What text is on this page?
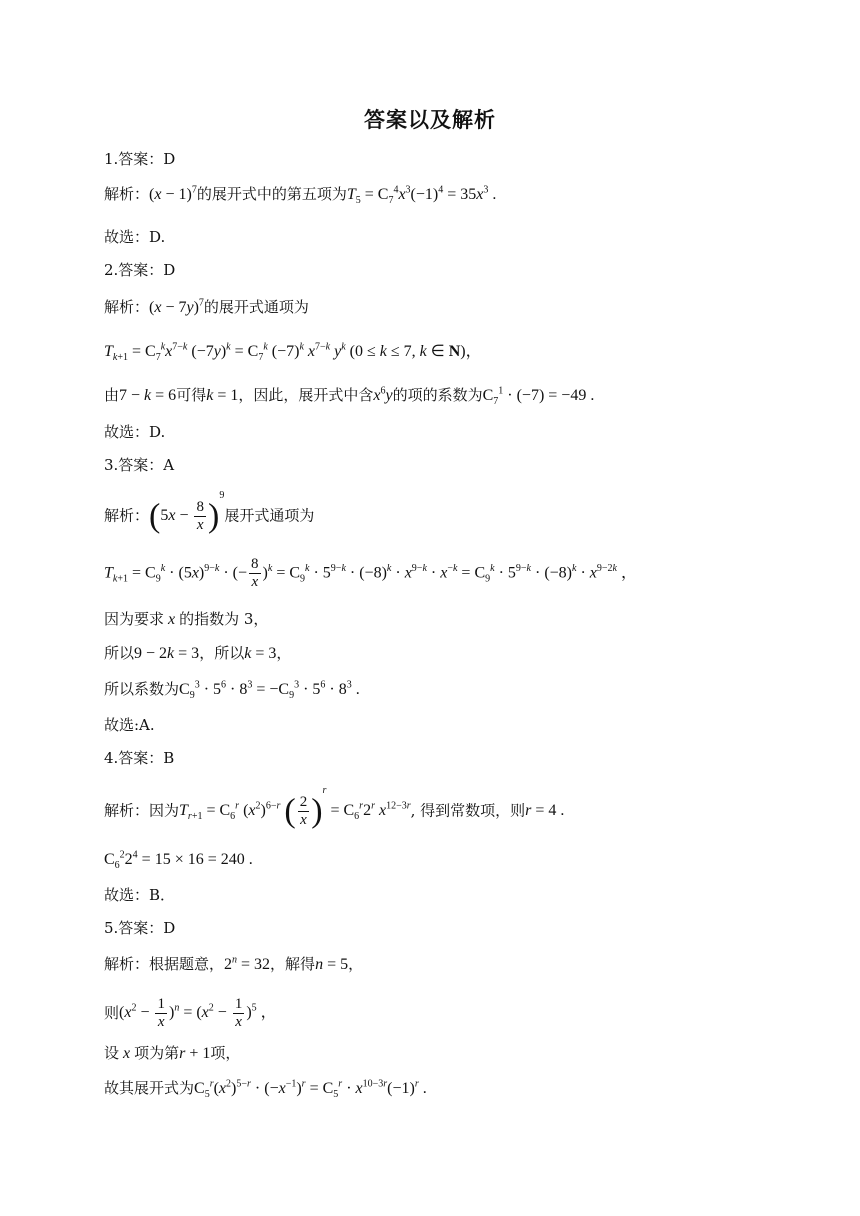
答案以及解析
1.答案：D
解析：$(x - 1)^7$的展开式中的第五项为$T_5 = C_7^4x^3(-1)^4 = 35x^3$ .
故选：D.
2.答案：D
解析：$(x - 7y)^7$的展开式通项为
$T_{k+1} = C_7^kx^{7-k}$ $(-7y)^k = C_7^k$ $(-7)^k$ $x^{7-k}$ $y^k$ (0 ≤ k ≤ 7, k ∈ N)，
由7 − k = 6可得k = 1，因此，展开式中含$x^6y$的项的系数为$C_7^1 \cdot (-7) = -49$ .
故选：D.
3.答案：A
解析：$(5x - \frac{8}{x} )^9$展开式通项为
$T_{k+1} = C_9^k \cdot (5x)^{9-k}$ · (− $\frac{8}{x} )^k = C_9^k \cdot 5^{9-k} \cdot (-8)^k \cdot x^{9-k} \cdot x^{-k} = C_9^k \cdot 5^{9-k} \cdot (-8)^k \cdot x^{9-2k}$ ，
因为要求 x 的指数为 3，
所以9 − 2k = 3，所以k = 3，
所以系数为$C_9^3 \cdot 5^6 \cdot 8^3 = -C_9^3 \cdot 5^6 \cdot 8^3$ .
故选:A.
4.答案：B
解析：因为$T_{r+1} = C_6^r$ $(x^2)^{6-r}$ ( $\frac{2}{x} )^r = C_6^r2^r$ $x^{12-3r}$, 得到常数项，则r = 4 .
$C_6^22^4 = 15 \times 16 = 240$ .
故选：B．
5.答案：D
解析：根据题意，$2^n = 32$，解得n = 5，
则$(x^2 - \frac{1}{x} )^n = (x^2 - \frac{1}{x} )^5$ ，
设 x 项为第r + 1项，
故其展开式为$C_5^r(x^2)^{5-r} \cdot (-x^{-1})^r = C_5^r \cdot x^{10-3r}(-1)^r$ .
